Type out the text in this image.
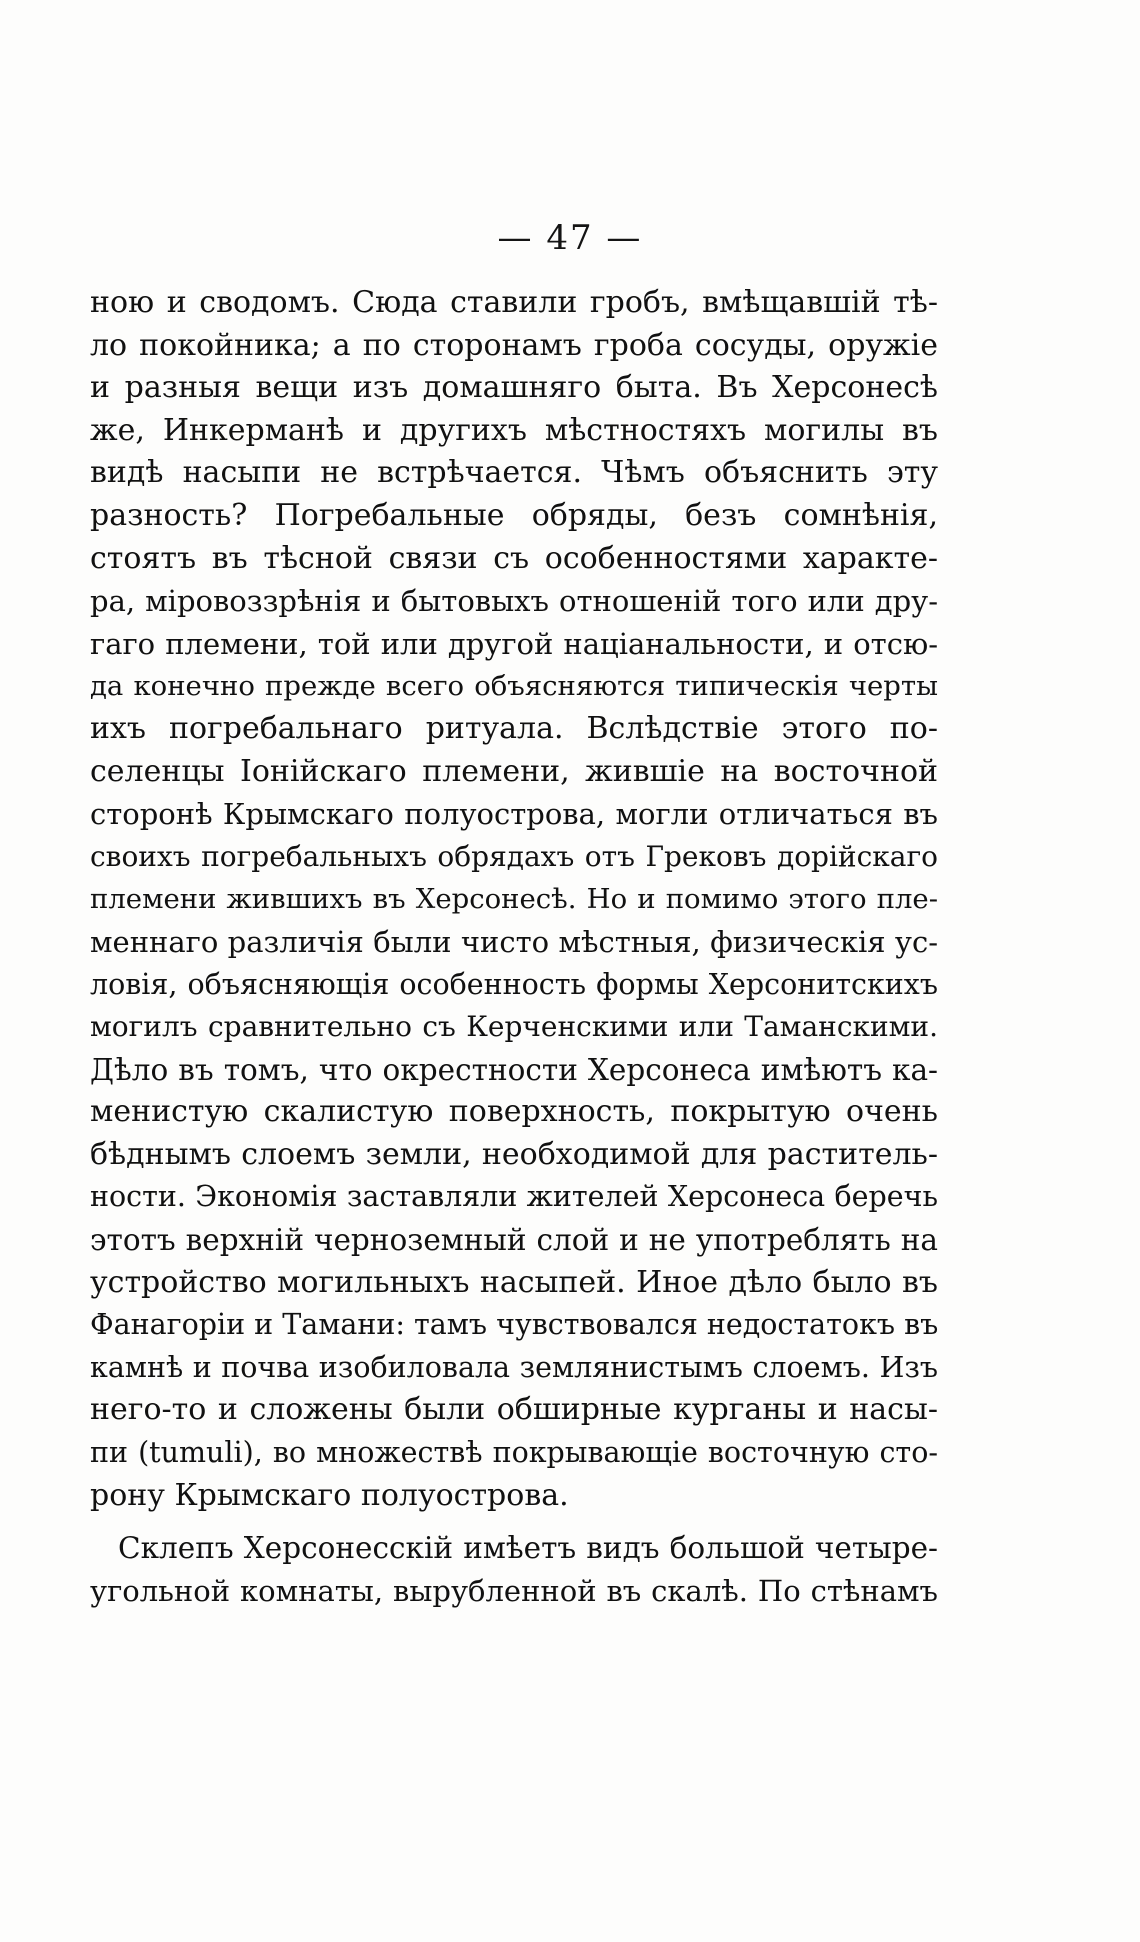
— 47 —
ною и сводомъ. Сюда ставили гробъ, вмѣщавшій тѣ-
ло покойника; а по сторонамъ гроба сосуды, оружіе
и разныя вещи изъ домашняго быта. Въ Херсонесѣ
же, Инкерманѣ и другихъ мѣстностяхъ могилы въ
видѣ насыпи не встрѣчается. Чѣмъ объяснить эту
разность? Погребальные обряды, безъ сомнѣнія,
стоятъ въ тѣсной связи съ особенностями характе-
ра, міровоззрѣнія и бытовыхъ отношеній того или дру-
гаго племени, той или другой націанальности, и отсю-
да конечно прежде всего объясняются типическія черты
ихъ погребальнаго ритуала. Вслѣдствіе этого по-
селенцы Іонійскаго племени, жившіе на восточной
сторонѣ Крымскаго полуострова, могли отличаться въ
своихъ погребальныхъ обрядахъ отъ Грековъ дорійскаго
племени жившихъ въ Херсонесѣ. Но и помимо этого пле-
меннаго различія были чисто мѣстныя, физическія ус-
ловія, объясняющія особенность формы Херсонитскихъ
могилъ сравнительно съ Керченскими или Таманскими.
Дѣло въ томъ, что окрестности Херсонеса имѣютъ ка-
менистую скалистую поверхность, покрытую очень
бѣднымъ слоемъ земли, необходимой для раститель-
ности. Экономія заставляли жителей Херсонеса беречь
этотъ верхній черноземный слой и не употреблять на
устройство могильныхъ насыпей. Иное дѣло было въ
Фанагоріи и Тамани: тамъ чувствовался недостатокъ въ
камнѣ и почва изобиловала землянистымъ слоемъ. Изъ
него-то и сложены были обширные курганы и насы-
пи (tumuli), во множествѣ покрывающіе восточную сто-
рону Крымскаго полуострова.
Склепъ Херсонесскій имѣетъ видъ большой четыре-
угольной комнаты, вырубленной въ скалѣ. По стѣнамъ
